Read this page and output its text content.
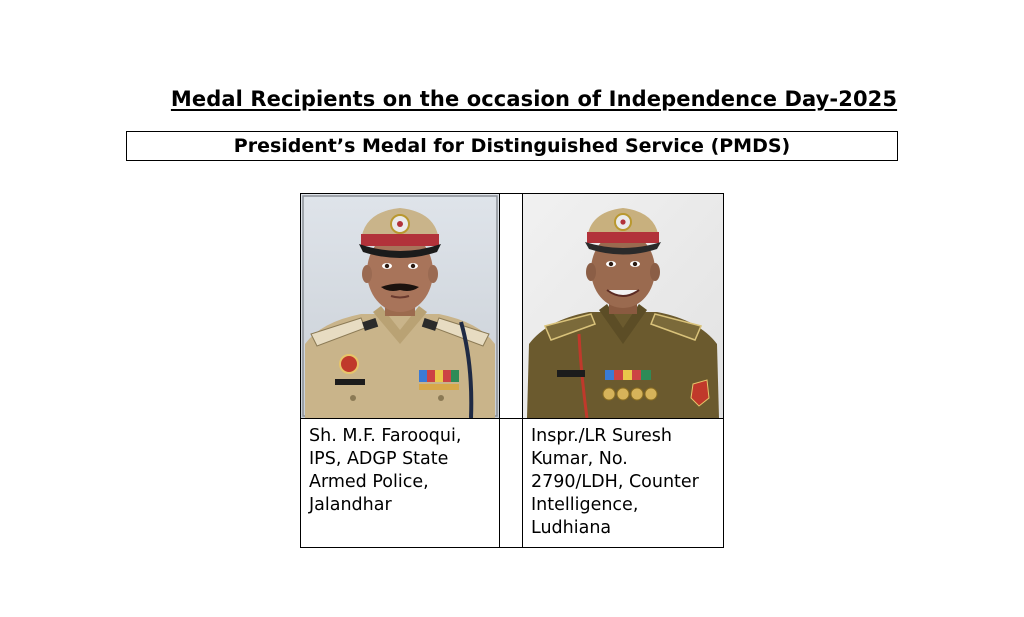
Medal Recipients on the occasion of Independence Day-2025
President’s Medal for Distinguished Service (PMDS)

Sh. M.F. Farooqui, IPS, ADGP State Armed Police, Jalandhar		Inspr./LR Suresh Kumar, No. 2790/LDH, Counter Intelligence, Ludhiana
